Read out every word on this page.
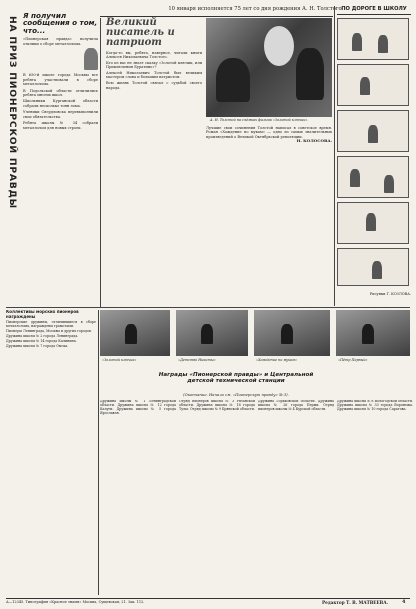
10 января исполняется 75 лет со дня рождения А. Н. Толстого
НА ПРИЗ ПИОНЕРСКОЙ ПРАВДЫ
Я получил сообщения о том, что...

«Пионерская правда» получила отклики о сборе металлолома.

В 650-й школе города Москвы все ребята участвовали в сборе металлолома.

В Подольской области отличились ребята многих школ.

Школьники Курганской области собрали несколько тонн лома.

Ученики Свердловска перевыполнили свои обязательства.

Ребята школы № 34 собрали металлолом для новых строек.

Великий писатель и патриот

Когда-то вы, ребята, наверное, читали книги Алексея Николаевича Толстого.

Кто из вас не знает сказку «Золотой ключик, или Приключения Буратино»?

Алексей Николаевич Толстой был великим мастером слова и большим патриотом.

Всю жизнь Толстой связал с судьбой своего народа.

А. Н. Толстой на съёмках фильма «Золотой ключик».

Лучшие свои сочинения Толстой написал в советское время. Роман «Хождение по мукам» — одно из самых значительных произведений о Великой Октябрьской революции.

Н. КОЛОСОВА.
ПО ДОРОГЕ В ШКОЛУ
Рисунки Г. КОЗЛОВА.
«Золотой ключик»	«Детство Никиты»	«Хождение по мукам»	«Пётр Первый»
Коллективы морских пионеров награждены

Пионерские дружины, отличившиеся в сборе металлолома, награждены грамотами.

Пионеры Ленинграда, Москвы и других городов.

Дружина школы № 2 города Ленинграда.

Дружина школы № 14 города Калинина.

Дружина школы № 7 города Омска.

Награды «Пионерской правды» и Центральной детской технической станции
(Окончание. Начало см. «Пионерскую правду» № 3).

Дружина школы № 1 Ленинградской области. Дружина школы № 12 города Калуги. Дружина школы № 5 города Ярославля.

Отряд пионеров школы № 3 Рязанской области. Дружина школы № 18 города Тулы. Отряд школы № 9 Брянской области.

Дружина Горьковской области. Дружина школы № 26 города Перми. Отряд пионеров школы № 4 Курской области.

Дружина школы № 8 Вологодской области. Дружина школы № 33 города Воронежа. Дружина школы № 10 города Саратова.

А—12345. Типография «Красное знамя» Москва, Сущевская, 21. Зак. 112.	Редактор Т. В. МАТВЕЕВА.	4
